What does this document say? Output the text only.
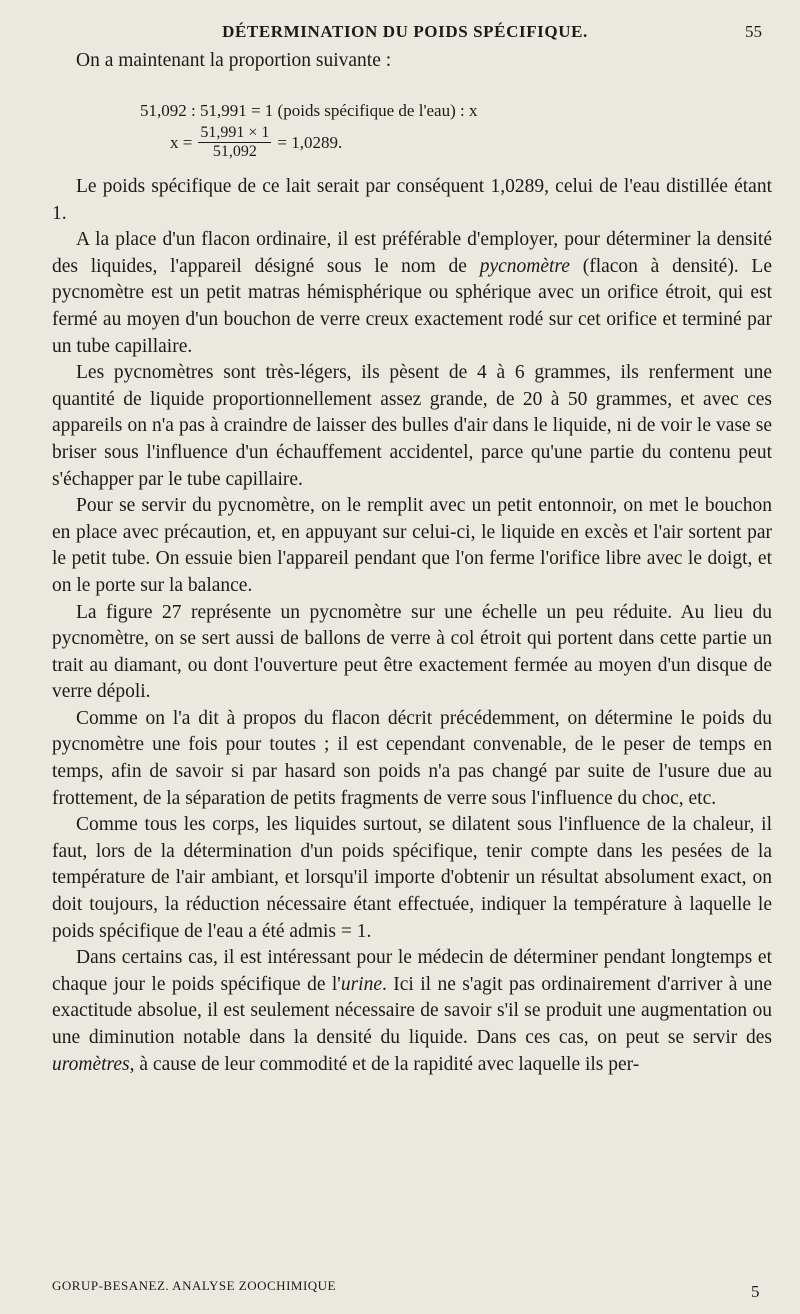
DÉTERMINATION DU POIDS SPÉCIFIQUE.	55

On a maintenant la proportion suivante :

51,092 : 51,991 = 1 (poids spécifique de l'eau) : x
$x = \frac{51,991 \times 1}{51,092} = 1,0289$.

Le poids spécifique de ce lait serait par conséquent 1,0289, celui de l'eau distillée étant 1.

A la place d'un flacon ordinaire, il est préférable d'employer, pour déterminer la densité des liquides, l'appareil désigné sous le nom de pycnomètre (flacon à densité). Le pycnomètre est un petit matras hémisphérique ou sphérique avec un orifice étroit, qui est fermé au moyen d'un bouchon de verre creux exactement rodé sur cet orifice et terminé par un tube capillaire.

Les pycnomètres sont très-légers, ils pèsent de 4 à 6 grammes, ils renferment une quantité de liquide proportionnellement assez grande, de 20 à 50 grammes, et avec ces appareils on n'a pas à craindre de laisser des bulles d'air dans le liquide, ni de voir le vase se briser sous l'influence d'un échauffement accidentel, parce qu'une partie du contenu peut s'échapper par le tube capillaire.

Pour se servir du pycnomètre, on le remplit avec un petit entonnoir, on met le bouchon en place avec précaution, et, en appuyant sur celui-ci, le liquide en excès et l'air sortent par le petit tube. On essuie bien l'appareil pendant que l'on ferme l'orifice libre avec le doigt, et on le porte sur la balance.

La figure 27 représente un pycnomètre sur une échelle un peu réduite. Au lieu du pycnomètre, on se sert aussi de ballons de verre à col étroit qui portent dans cette partie un trait au diamant, ou dont l'ouverture peut être exactement fermée au moyen d'un disque de verre dépoli.

Comme on l'a dit à propos du flacon décrit précédemment, on détermine le poids du pycnomètre une fois pour toutes ; il est cependant convenable, de le peser de temps en temps, afin de savoir si par hasard son poids n'a pas changé par suite de l'usure due au frottement, de la séparation de petits fragments de verre sous l'influence du choc, etc.

Comme tous les corps, les liquides surtout, se dilatent sous l'influence de la chaleur, il faut, lors de la détermination d'un poids spécifique, tenir compte dans les pesées de la température de l'air ambiant, et lorsqu'il importe d'obtenir un résultat absolument exact, on doit toujours, la réduction nécessaire étant effectuée, indiquer la température à laquelle le poids spécifique de l'eau a été admis = 1.

Dans certains cas, il est intéressant pour le médecin de déterminer pendant longtemps et chaque jour le poids spécifique de l'urine. Ici il ne s'agit pas ordinairement d'arriver à une exactitude absolue, il est seulement nécessaire de savoir s'il se produit une augmentation ou une diminution notable dans la densité du liquide. Dans ces cas, on peut se servir des uromètres, à cause de leur commodité et de la rapidité avec laquelle ils per-

GORUP-BESANEZ. ANALYSE ZOOCHIMIQUE	5
